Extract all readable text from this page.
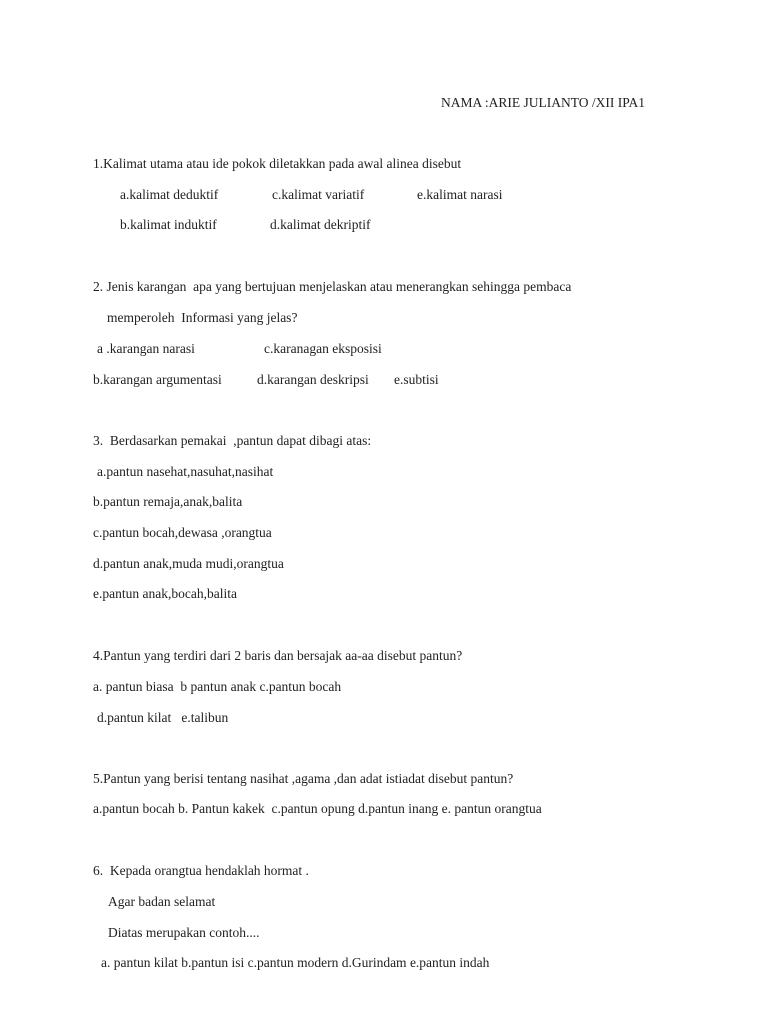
NAMA :ARIE JULIANTO /XII IPA1
1.Kalimat utama atau ide pokok diletakkan pada awal alinea disebut
a.kalimat deduktif	c.kalimat variatif	e.kalimat narasi
b.kalimat induktif	d.kalimat dekriptif
2. Jenis karangan  apa yang bertujuan menjelaskan atau menerangkan sehingga pembaca
memperoleh  Informasi yang jelas?
a .karangan narasi	c.karanagan eksposisi
b.karangan argumentasi	d.karangan deskripsi e.subtisi
3.  Berdasarkan pemakai  ,pantun dapat dibagi atas:
a.pantun nasehat,nasuhat,nasihat
b.pantun remaja,anak,balita
c.pantun bocah,dewasa ,orangtua
d.pantun anak,muda mudi,orangtua
e.pantun anak,bocah,balita
4.Pantun yang terdiri dari 2 baris dan bersajak aa-aa disebut pantun?
a. pantun biasa  b pantun anak c.pantun bocah
d.pantun kilat   e.talibun
5.Pantun yang berisi tentang nasihat ,agama ,dan adat istiadat disebut pantun?
a.pantun bocah b. Pantun kakek  c.pantun opung d.pantun inang e. pantun orangtua
6.  Kepada orangtua hendaklah hormat .
Agar badan selamat
Diatas merupakan contoh....
a. pantun kilat b.pantun isi c.pantun modern d.Gurindam e.pantun indah
